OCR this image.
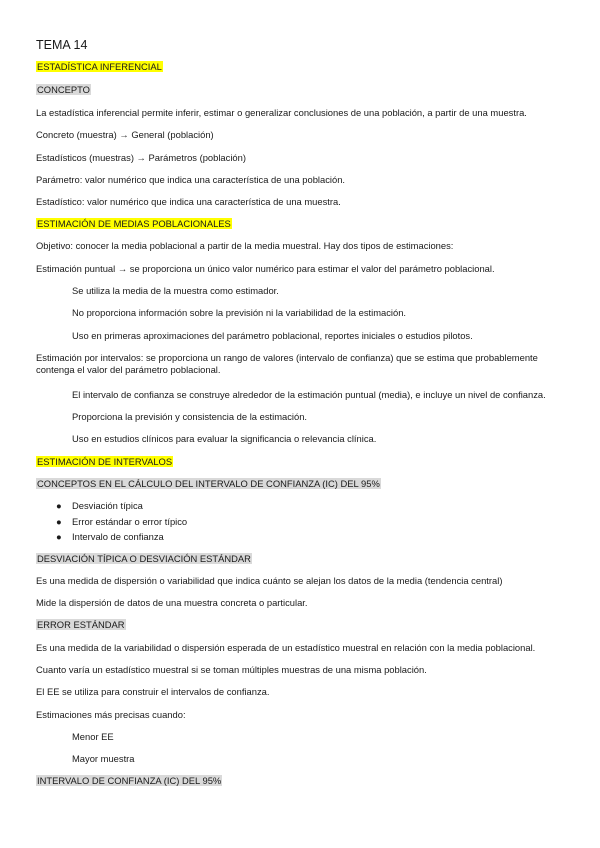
TEMA 14
ESTADÍSTICA INFERENCIAL
CONCEPTO
La estadística inferencial permite inferir, estimar o generalizar conclusiones de una población, a partir de una muestra.
Concreto (muestra) → General (población)
Estadísticos (muestras) → Parámetros (población)
Parámetro: valor numérico que indica una característica de una población.
Estadístico: valor numérico que indica una característica de una muestra.
ESTIMACIÓN DE MEDIAS POBLACIONALES
Objetivo: conocer la media poblacional a partir de la media muestral. Hay dos tipos de estimaciones:
Estimación puntual → se proporciona un único valor numérico para estimar el valor del parámetro poblacional.
Se utiliza la media de la muestra como estimador.
No proporciona información sobre la previsión ni la variabilidad de la estimación.
Uso en primeras aproximaciones del parámetro poblacional, reportes iniciales o estudios pilotos.
Estimación por intervalos: se proporciona un rango de valores (intervalo de confianza) que se estima que probablemente contenga el valor del parámetro poblacional.
El intervalo de confianza se construye alrededor de la estimación puntual (media), e incluye un nivel de confianza.
Proporciona la previsión y consistencia de la estimación.
Uso en estudios clínicos para evaluar la significancia o relevancia clínica.
ESTIMACIÓN DE INTERVALOS
CONCEPTOS EN EL CÁLCULO DEL INTERVALO DE CONFIANZA (IC) DEL 95%
● Desviación típica
● Error estándar o error típico
● Intervalo de confianza
DESVIACIÓN TÍPICA O DESVIACIÓN ESTÁNDAR
Es una medida de dispersión o variabilidad que indica cuánto se alejan los datos de la media (tendencia central)
Mide la dispersión de datos de una muestra concreta o particular.
ERROR ESTÁNDAR
Es una medida de la variabilidad o dispersión esperada de un estadístico muestral en relación con la media poblacional.
Cuanto varía un estadístico muestral si se toman múltiples muestras de una misma población.
El EE se utiliza para construir el intervalos de confianza.
Estimaciones más precisas cuando:
Menor EE
Mayor muestra
INTERVALO DE CONFIANZA (IC) DEL 95%
